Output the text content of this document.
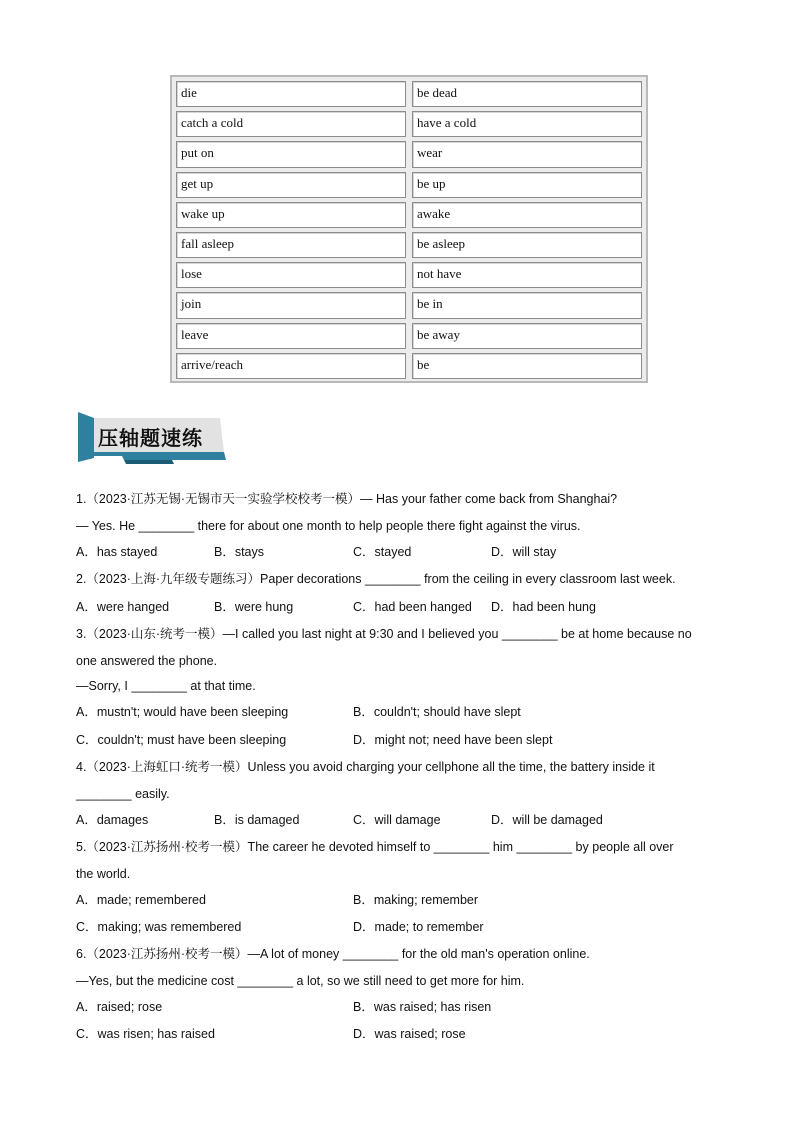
die	be dead
catch a cold	have a cold
put on	wear
get up	be up
wake up	awake
fall asleep	be asleep
lose	not have
join	be in
leave	be away
arrive/reach	be
压轴题速练
1.（2023·江苏无锡·无锡市天一实验学校校考一模）— Has your father come back from Shanghai?
— Yes. He ________ there for about one month to help people there fight against the virus.
A．has stayed	B．stays	C．stayed	D．will stay
2.（2023·上海·九年级专题练习）Paper decorations ________ from the ceiling in every classroom last week.
A．were hanged	B．were hung	C．had been hanged D．had been hung
3.（2023·山东·统考一模）—I called you last night at 9:30 and I believed you ________ be at home because no
one answered the phone.
—Sorry, I ________ at that time.
A．mustn't; would have been sleeping	B．couldn't; should have slept
C．couldn't; must have been sleeping	D．might not; need have been slept
4.（2023·上海虹口·统考一模）Unless you avoid charging your cellphone all the time, the battery inside it
________ easily.
A．damages	B．is damaged	C．will damage	D．will be damaged
5.（2023·江苏扬州·校考一模）The career he devoted himself to ________ him ________ by people all over
the world.
A．made; remembered	B．making; remember
C．making; was remembered	D．made; to remember
6.（2023·江苏扬州·校考一模）—A lot of money ________ for the old man's operation online.
—Yes, but the medicine cost ________ a lot, so we still need to get more for him.
A．raised; rose	B．was raised; has risen
C．was risen; has raised	D．was raised; rose
